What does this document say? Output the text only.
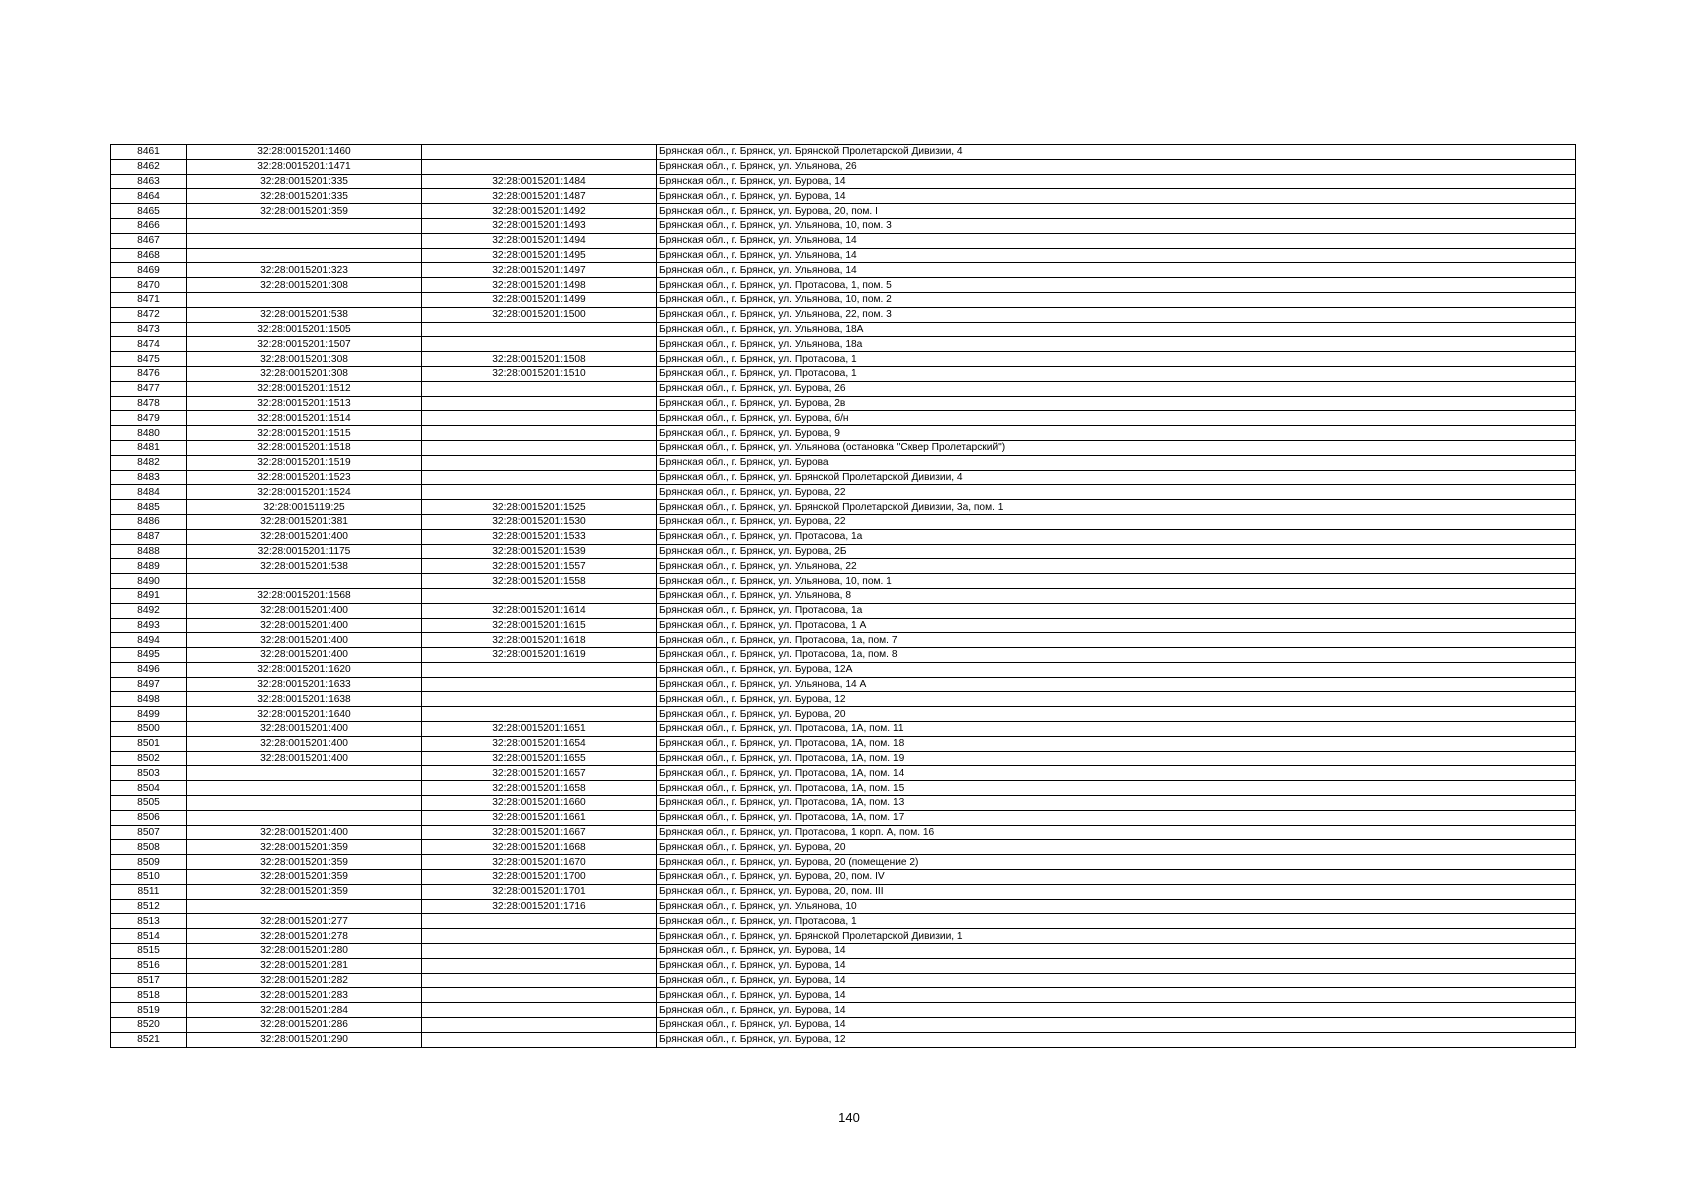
8461	32:28:0015201:1460		Брянская обл., г. Брянск, ул. Брянской Пролетарской Дивизии, 4
8462	32:28:0015201:1471		Брянская обл., г. Брянск, ул. Ульянова, 26
8463	32:28:0015201:335	32:28:0015201:1484	Брянская обл., г. Брянск, ул. Бурова, 14
8464	32:28:0015201:335	32:28:0015201:1487	Брянская обл., г. Брянск, ул. Бурова, 14
8465	32:28:0015201:359	32:28:0015201:1492	Брянская обл., г. Брянск, ул. Бурова, 20, пом. I
8466		32:28:0015201:1493	Брянская обл., г. Брянск, ул. Ульянова, 10, пом. 3
8467		32:28:0015201:1494	Брянская обл., г. Брянск, ул. Ульянова, 14
8468		32:28:0015201:1495	Брянская обл., г. Брянск, ул. Ульянова, 14
8469	32:28:0015201:323	32:28:0015201:1497	Брянская обл., г. Брянск, ул. Ульянова, 14
8470	32:28:0015201:308	32:28:0015201:1498	Брянская обл., г. Брянск, ул. Протасова, 1, пом. 5
8471		32:28:0015201:1499	Брянская обл., г. Брянск, ул. Ульянова, 10, пом. 2
8472	32:28:0015201:538	32:28:0015201:1500	Брянская обл., г. Брянск, ул. Ульянова, 22, пом. 3
8473	32:28:0015201:1505		Брянская обл., г. Брянск, ул. Ульянова, 18А
8474	32:28:0015201:1507		Брянская обл., г. Брянск, ул. Ульянова, 18а
8475	32:28:0015201:308	32:28:0015201:1508	Брянская обл., г. Брянск, ул. Протасова, 1
8476	32:28:0015201:308	32:28:0015201:1510	Брянская обл., г. Брянск, ул. Протасова, 1
8477	32:28:0015201:1512		Брянская обл., г. Брянск, ул. Бурова, 26
8478	32:28:0015201:1513		Брянская обл., г. Брянск, ул. Бурова, 2в
8479	32:28:0015201:1514		Брянская обл., г. Брянск, ул. Бурова, б/н
8480	32:28:0015201:1515		Брянская обл., г. Брянск, ул. Бурова, 9
8481	32:28:0015201:1518		Брянская обл., г. Брянск, ул. Ульянова (остановка "Сквер Пролетарский")
8482	32:28:0015201:1519		Брянская обл., г. Брянск, ул. Бурова
8483	32:28:0015201:1523		Брянская обл., г. Брянск, ул. Брянской Пролетарской Дивизии, 4
8484	32:28:0015201:1524		Брянская обл., г. Брянск, ул. Бурова, 22
8485	32:28:0015119:25	32:28:0015201:1525	Брянская обл., г. Брянск, ул. Брянской Пролетарской Дивизии, 3а, пом. 1
8486	32:28:0015201:381	32:28:0015201:1530	Брянская обл., г. Брянск, ул. Бурова, 22
8487	32:28:0015201:400	32:28:0015201:1533	Брянская обл., г. Брянск, ул. Протасова, 1а
8488	32:28:0015201:1175	32:28:0015201:1539	Брянская обл., г. Брянск, ул. Бурова, 2Б
8489	32:28:0015201:538	32:28:0015201:1557	Брянская обл., г. Брянск, ул. Ульянова, 22
8490		32:28:0015201:1558	Брянская обл., г. Брянск, ул. Ульянова, 10, пом. 1
8491	32:28:0015201:1568		Брянская обл., г. Брянск, ул. Ульянова, 8
8492	32:28:0015201:400	32:28:0015201:1614	Брянская обл., г. Брянск, ул. Протасова, 1а
8493	32:28:0015201:400	32:28:0015201:1615	Брянская обл., г. Брянск, ул. Протасова, 1 А
8494	32:28:0015201:400	32:28:0015201:1618	Брянская обл., г. Брянск, ул. Протасова, 1а, пом. 7
8495	32:28:0015201:400	32:28:0015201:1619	Брянская обл., г. Брянск, ул. Протасова, 1а, пом. 8
8496	32:28:0015201:1620		Брянская обл., г. Брянск, ул. Бурова, 12А
8497	32:28:0015201:1633		Брянская обл., г. Брянск, ул. Ульянова, 14 А
8498	32:28:0015201:1638		Брянская обл., г. Брянск, ул. Бурова, 12
8499	32:28:0015201:1640		Брянская обл., г. Брянск, ул. Бурова, 20
8500	32:28:0015201:400	32:28:0015201:1651	Брянская обл., г. Брянск, ул. Протасова, 1А, пом. 11
8501	32:28:0015201:400	32:28:0015201:1654	Брянская обл., г. Брянск, ул. Протасова, 1А, пом. 18
8502	32:28:0015201:400	32:28:0015201:1655	Брянская обл., г. Брянск, ул. Протасова, 1А, пом. 19
8503		32:28:0015201:1657	Брянская обл., г. Брянск, ул. Протасова, 1А, пом. 14
8504		32:28:0015201:1658	Брянская обл., г. Брянск, ул. Протасова, 1А, пом. 15
8505		32:28:0015201:1660	Брянская обл., г. Брянск, ул. Протасова, 1А, пом. 13
8506		32:28:0015201:1661	Брянская обл., г. Брянск, ул. Протасова, 1А, пом. 17
8507	32:28:0015201:400	32:28:0015201:1667	Брянская обл., г. Брянск, ул. Протасова, 1 корп. А, пом. 16
8508	32:28:0015201:359	32:28:0015201:1668	Брянская обл., г. Брянск, ул. Бурова, 20
8509	32:28:0015201:359	32:28:0015201:1670	Брянская обл., г. Брянск, ул. Бурова, 20 (помещение 2)
8510	32:28:0015201:359	32:28:0015201:1700	Брянская обл., г. Брянск, ул. Бурова, 20, пом. IV
8511	32:28:0015201:359	32:28:0015201:1701	Брянская обл., г. Брянск, ул. Бурова, 20, пом. III
8512		32:28:0015201:1716	Брянская обл., г. Брянск, ул. Ульянова, 10
8513	32:28:0015201:277		Брянская обл., г. Брянск, ул. Протасова, 1
8514	32:28:0015201:278		Брянская обл., г. Брянск, ул. Брянской Пролетарской Дивизии, 1
8515	32:28:0015201:280		Брянская обл., г. Брянск, ул. Бурова, 14
8516	32:28:0015201:281		Брянская обл., г. Брянск, ул. Бурова, 14
8517	32:28:0015201:282		Брянская обл., г. Брянск, ул. Бурова, 14
8518	32:28:0015201:283		Брянская обл., г. Брянск, ул. Бурова, 14
8519	32:28:0015201:284		Брянская обл., г. Брянск, ул. Бурова, 14
8520	32:28:0015201:286		Брянская обл., г. Брянск, ул. Бурова, 14
8521	32:28:0015201:290		Брянская обл., г. Брянск, ул. Бурова, 12
140
